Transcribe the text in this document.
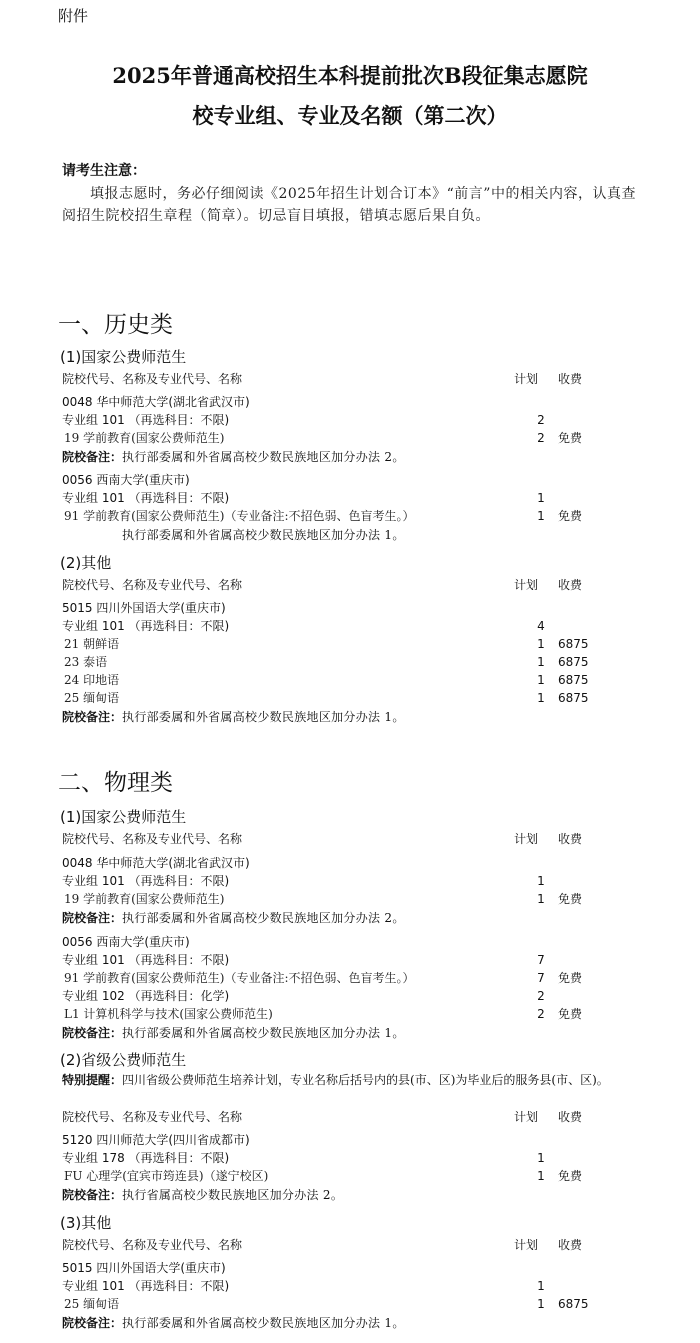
附件
2025年普通高校招生本科提前批次B段征集志愿院
校专业组、专业及名额（第二次）
请考生注意：
填报志愿时，务必仔细阅读《2025年招生计划合订本》“前言”中的相关内容，认真查阅招生院校招生章程（简章）。切忌盲目填报，错填志愿后果自负。
一、历史类
(1)国家公费师范生
院校代号、名称及专业代号、名称	计划 收费
0048 华中师范大学(湖北省武汉市)
专业组 101 （再选科目：不限)	2
19 学前教育(国家公费师范生)	2 免费
院校备注：执行部委属和外省属高校少数民族地区加分办法 2。
0056 西南大学(重庆市)
专业组 101 （再选科目：不限)	1
91 学前教育(国家公费师范生)（专业备注:不招色弱、色盲考生。）	1 免费
执行部委属和外省属高校少数民族地区加分办法 1。
(2)其他
院校代号、名称及专业代号、名称	计划 收费
5015 四川外国语大学(重庆市)
专业组 101 （再选科目：不限)	4
21 朝鲜语	1 6875
23 泰语	1 6875
24 印地语	1 6875
25 缅甸语	1 6875
院校备注：执行部委属和外省属高校少数民族地区加分办法 1。
二、物理类
(1)国家公费师范生
院校代号、名称及专业代号、名称	计划 收费
0048 华中师范大学(湖北省武汉市)
专业组 101 （再选科目：不限)	1
19 学前教育(国家公费师范生)	1 免费
院校备注：执行部委属和外省属高校少数民族地区加分办法 2。
0056 西南大学(重庆市)
专业组 101 （再选科目：不限)	7
91 学前教育(国家公费师范生)（专业备注:不招色弱、色盲考生。）	7 免费
专业组 102 （再选科目：化学)	2
L1 计算机科学与技术(国家公费师范生)	2 免费
院校备注：执行部委属和外省属高校少数民族地区加分办法 1。
(2)省级公费师范生
特别提醒：四川省级公费师范生培养计划，专业名称后括号内的县(市、区)为毕业后的服务县(市、区)。
院校代号、名称及专业代号、名称	计划 收费
5120 四川师范大学(四川省成都市)
专业组 178 （再选科目：不限)	1
FU 心理学(宜宾市筠连县)（遂宁校区)	1 免费
院校备注：执行省属高校少数民族地区加分办法 2。
(3)其他
院校代号、名称及专业代号、名称	计划 收费
5015 四川外国语大学(重庆市)
专业组 101 （再选科目：不限)	1
25 缅甸语	1 6875
院校备注：执行部委属和外省属高校少数民族地区加分办法 1。
